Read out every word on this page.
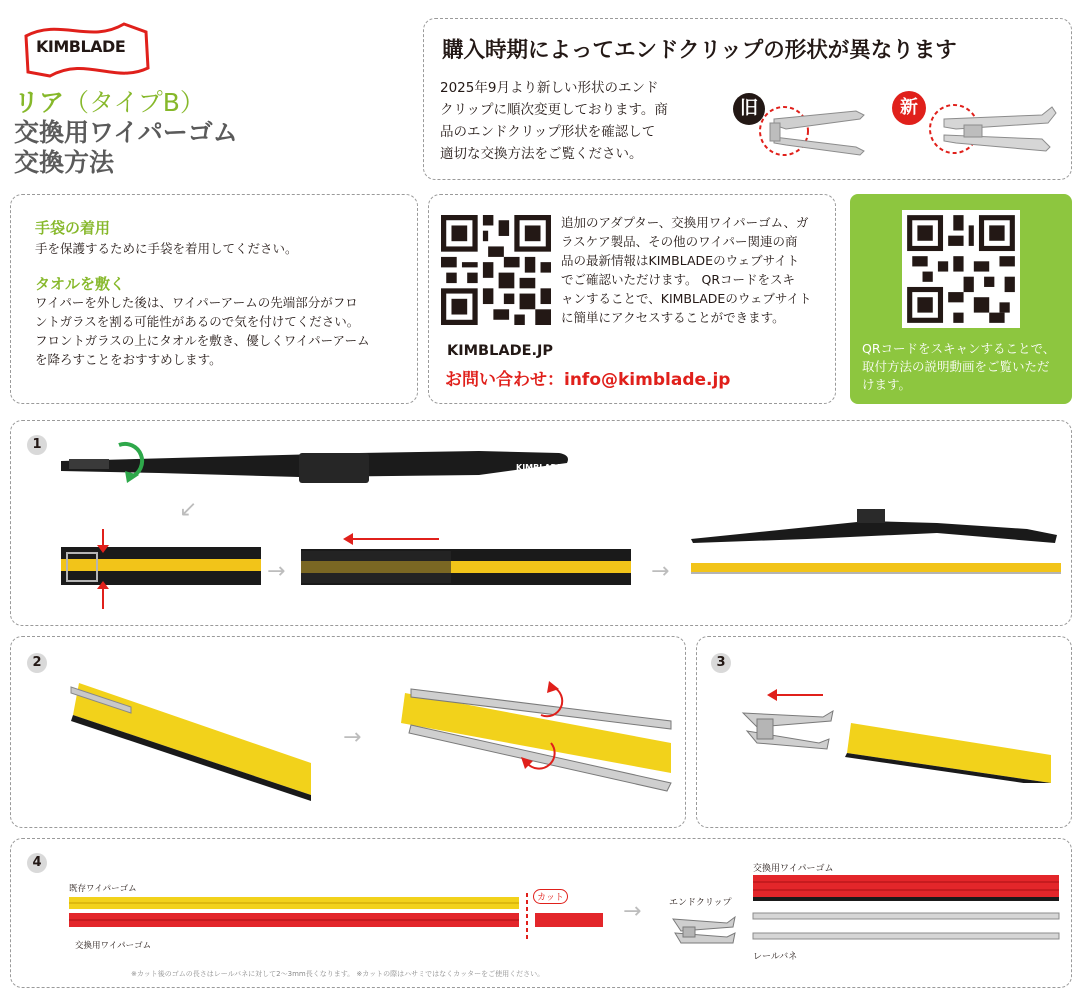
KIMBLADE
リア（タイプB）
交換用ワイパーゴム
交換方法
購入時期によってエンドクリップの形状が異なります
2025年9月より新しい形状のエンド
クリップに順次変更しております。商
品のエンドクリップ形状を確認して
適切な交換方法をご覧ください。
旧	新
手袋の着用
手を保護するために手袋を着用してください。
タオルを敷く
ワイパーを外した後は、ワイパーアームの先端部分がフロ
ントガラスを割る可能性があるので気を付けてください。
フロントガラスの上にタオルを敷き、優しくワイパーアーム
を降ろすことをおすすめします。
追加のアダプター、交換用ワイパーゴム、ガ
ラスケア製品、その他のワイパー関連の商
品の最新情報はKIMBLADEのウェブサイト
でご確認いただけます。 QRコードをスキ
ャンすることで、KIMBLADEのウェブサイト
に簡単にアクセスすることができます。
KIMBLADE.JP
お問い合わせ：info@kimblade.jp
QRコードをスキャンすることで、
取付方法の説明動画をご覧いただ
けます。
1
KIMBLADE
↙
→	→
2
→
3
4
既存ワイパーゴム
カット
交換用ワイパーゴム
→	エンドクリップ
交換用ワイパーゴム
レールバネ
※カット後のゴムの長さはレールバネに対して2〜3mm長くなります。 ※カットの際はハサミではなくカッターをご使用ください。
